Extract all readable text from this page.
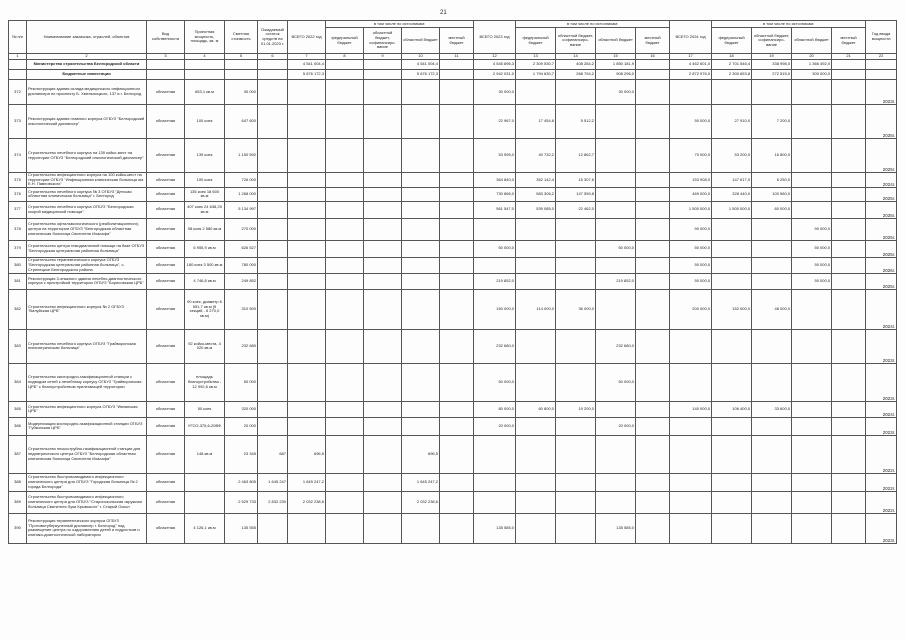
21
№ п/п	Наименование заказчика, отраслей, объектов	Вид собственности	Проектная мощность, площадь, кв. м	Сметная стоимость	Ожидаемый остаток средств на 01.01.2023 г.	ВСЕГО 2022 год	в том числе по источникам:				ВСЕГО 2023 год	в том числе по источникам:				ВСЕГО 2024 год	в том числе по источникам:				Год ввода мощности
							федеральный бюджет	областной бюджет, софинансиро-вание	областной бюджет	местный бюджет		федеральный бюджет	областной бюджет, софинансиро-вание	областной бюджет	местный бюджет		федеральный бюджет	областной бюджет, софинансиро-вание	областной бюджет	местный бюджет	
1	2	3	4	5	6	7	8	9	10	11	12	13	14	15	16	17	18	19	20	21	22
	Министерство строительства Белгородской области					4 541 004,4			4 541 004,4		4 545 896,3	2 309 530,7	408 284,2	1 850 181,9		4 462 601,0	2 701 546,4	338 998,0	1 366 492,0		
	Бюджетные инвестиции					5 676 172,3			5 676 172,3		2 942 031,0	1 794 630,7	268 794,2	908 296,0		2 872 976,0	2 300 653,8	272 515,0	300 000,0		
372	Реконструкция здания склада медицинского инфекционного диспансера по проспекту Б. Хмельницкого, 137 в г. Белгород	областная	653,1 кв.м	30 000							30 000,0			30 000,0							2023г.
373	Реконструкция здания главного корпуса ОГБУЗ "Белгородский онкологический диспансер"	областная	100 коек	647 600							22 967,0	17 454,8	5 512,2			50 000,0	27 910,0	7 200,0			2025г.
374	Строительство лечебного корпуса на 139 койко-мест на территории ОГБУЗ "Белгородский онкологический диспансер"	областная	139 коек	1 150 592							53 595,0	40 732,2	12 862,7			70 000,0	53 200,0	16 800,0			2025г.
375	Строительство инфекционного корпуса на 100 койко-мест на территории ОГБУЗ "Инфекционная клиническая больница им. Е.Н. Павловского"	областная	100 коек	726 000							364 840,0	352 142,4	15 307,6			153 908,0	147 617,0	6 250,0			2024г.
376	Строительство лечебного корпуса № 3 ОГБУЗ "Детская областная клиническая больница" г. Белгород	областная	135 коек 18 600 кв.м	1 268 000							730 866,0	583 306,2	147 559,8			469 000,0	328 440,0	100 560,0			2025г.
377	Строительство лечебного корпуса ОГБУЗ "Белгородская скорой медицинской помощи"	областная	407 коек 24 638,25 кв.м	5 134 997							561 547,0	539 085,0	22 462,0			1 500 000,0	1 500 000,0	60 000,0			2025г.
378	Строительство офтальмологического (реабилитационного) центра на территории ОГБУЗ "Белгородская областная клиническая больница Святителя Иоасафа"	областная	98 коек 2 580 кв.м	270 000												90 000,0			90 000,0		2025г.
379	Строительство центра гемодиализной помощи на базе ОГБУЗ "Белгородская центральная районная больница"	областная	6 955,9 кв.м	626 527							50 000,0			50 000,0		50 000,0			50 000,0		2025г.
380	Строительство терапевтического корпуса ОГБУЗ "Белгородская центральная районная больница", с. Стрелецкое Белгородского района	областная	180 коек 3 500 кв.м	780 000												50 000,0			50 000,0		2026г.
381	Реконструкция 3-этажного здания лечебно-диагностического корпуса с пристройкой территории ОГБУЗ "Борисовская ЦРБ"	областная	4 746,8 кв.м	249 852							219 852,0			219 852,0		50 000,0			50 000,0		2025г.
382	Строительство инфекционного корпуса № 2 ОГБУЗ "Валуйская ЦРБ"	областная	90 коек, диаметр 6 551,7 кв.м (5 секций - 6 270,0 кв.м)	310 500							150 000,0	114 000,0	36 000,0			200 000,0	152 000,0	48 000,0			2024г.
383	Строительство лечебного корпуса ОГБУЗ "Грайворонская психиатрическая больница"	областная	92 койко-места, 4 020 кв.м	232 680							232 680,0			232 680,0							2023г.
384	Строительство кислородно-газификационной станции с подводом сетей к лечебному корпусу ОГБУЗ "Грайворонская ЦРБ" с благоустройством прилегающей территории	областная	площадь благоустройства - 12 992,6 кв.м	50 000							50 000,0			50 000,0							2023г.
385	Строительство инфекционного корпуса ОГБУЗ "Ивнянская ЦРБ"	областная	50 коек	320 000							80 000,0	60 800,0	19 200,0			140 000,0	106 400,0	33 600,0			2024г.
386	Модернизация кислородно-газификационной станции ОГБУЗ "Губкинская ЦРБ"	областная	УГСО-375,6-20ВФ	20 000							20 000,0			20 000,0							2023г.
387	Строительство пескоструйно-газификационной станции для педиатрического центра ОГБУЗ "Белгородская областная клиническая больница Святителя Иоасафа"	областная	148 кв.м	23 345	687	696,5			696,5												2022г.
388	Строительство быстровозводимого инфекционного клинического центра для ОГБУЗ "Городская больница № 2 города Белгорода"	областная		2 463 805	1 645 247	1 645 247,2			1 645 247,2												2022г.
389	Строительство быстровозводимого инфекционного клинического центра для ОГБУЗ "Старооскольская окружная больница Святителя Луки Крымского" г. Старый Оскол	областная		2 529 733	2 832 230	2 032 238,6			2 032 238,6												2022г.
390	Реконструкция терапевтического корпуса ОГБУЗ "Противотуберкулезный диспансер г. Белгород" под размещение центра по оздоровлению детей и подростков и клинико-диагностической лаборатории	областная	4 126,1 кв.м	135 555							135 585,0			135 585,0							2023г.
